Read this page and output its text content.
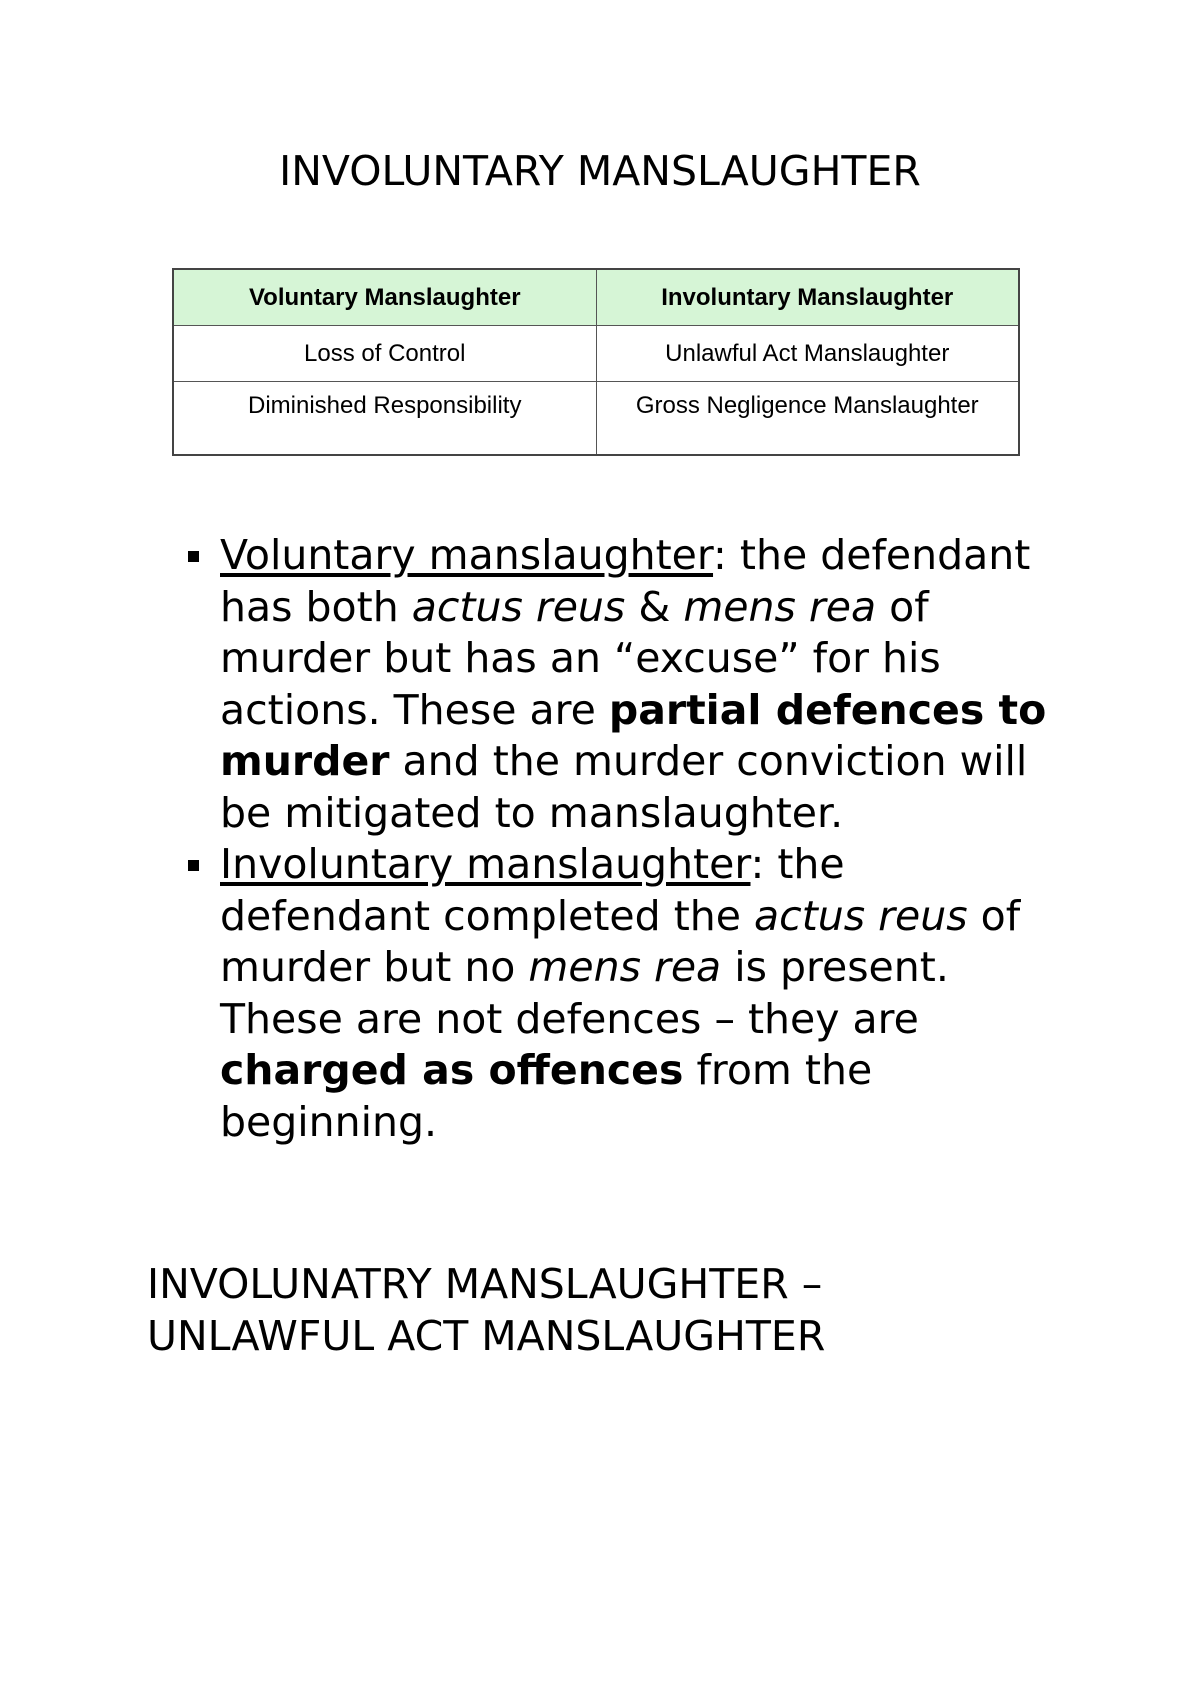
INVOLUNTARY MANSLAUGHTER
Voluntary Manslaughter	Involuntary Manslaughter
Loss of Control	Unlawful Act Manslaughter
Diminished Responsibility	Gross Negligence Manslaughter
Voluntary manslaughter: the defendant has both actus reus & mens rea of murder but has an “excuse” for his actions. These are partial defences to murder and the murder conviction will be mitigated to manslaughter.
Involuntary manslaughter: the defendant completed the actus reus of murder but no mens rea is present. These are not defences – they are charged as offences from the beginning.
INVOLUNATRY MANSLAUGHTER –
UNLAWFUL ACT MANSLAUGHTER
